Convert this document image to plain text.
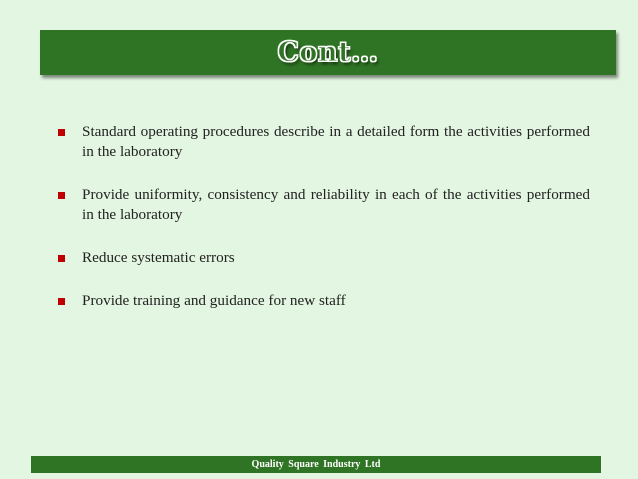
Cont…
Standard operating procedures describe in a detailed form the activities performed in the laboratory
Provide uniformity, consistency and reliability in each of the activities performed in the laboratory
Reduce systematic errors
Provide training and guidance for new staff
Quality Square Industry Ltd
